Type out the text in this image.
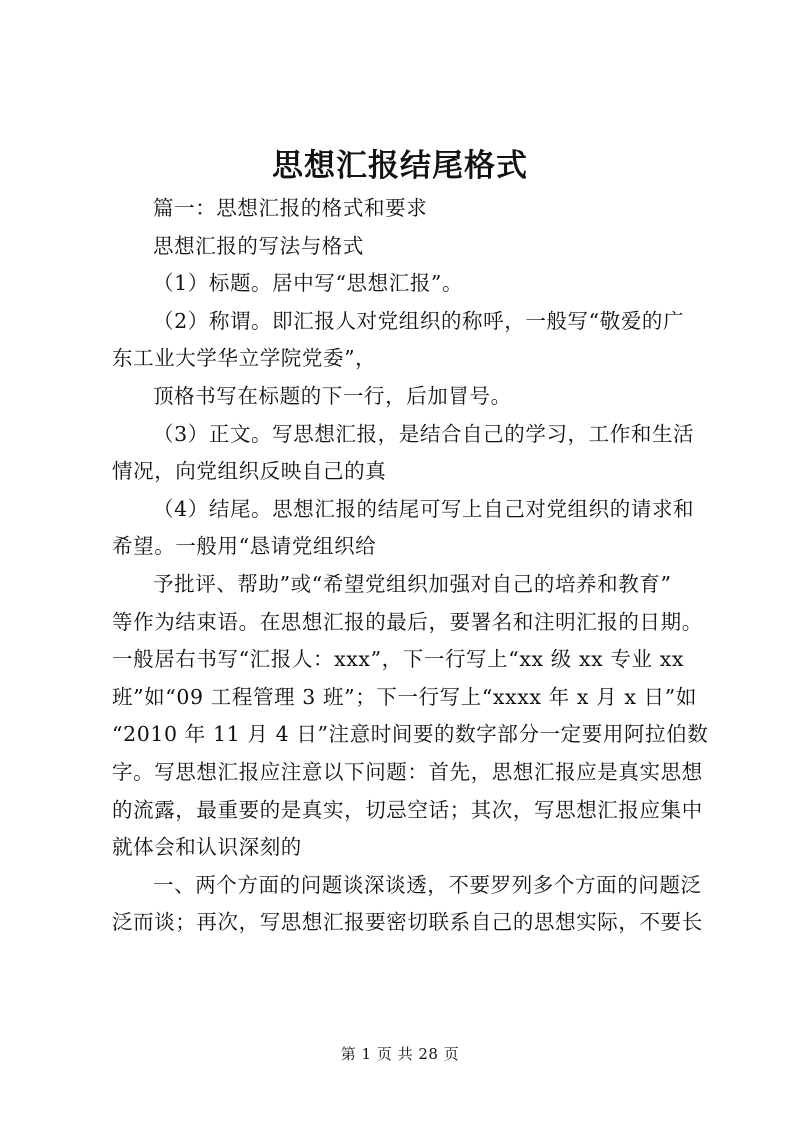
思想汇报结尾格式
篇一：思想汇报的格式和要求
思想汇报的写法与格式
（1）标题。居中写“思想汇报”。
（2）称谓。即汇报人对党组织的称呼，一般写“敬爱的广
东工业大学华立学院党委”，
顶格书写在标题的下一行，后加冒号。
（3）正文。写思想汇报，是结合自己的学习，工作和生活
情况，向党组织反映自己的真
（4）结尾。思想汇报的结尾可写上自己对党组织的请求和
希望。一般用“恳请党组织给
予批评、帮助”或“希望党组织加强对自己的培养和教育”
等作为结束语。在思想汇报的最后，要署名和注明汇报的日期。
一般居右书写“汇报人：xxx”，下一行写上“xx 级 xx 专业 xx
班”如“09 工程管理 3 班”；下一行写上“xxxx 年 x 月 x 日”如
“2010 年 11 月 4 日”注意时间要的数字部分一定要用阿拉伯数
字。写思想汇报应注意以下问题：首先，思想汇报应是真实思想
的流露，最重要的是真实，切忌空话；其次，写思想汇报应集中
就体会和认识深刻的
一、两个方面的问题谈深谈透，不要罗列多个方面的问题泛
泛而谈；再次，写思想汇报要密切联系自己的思想实际，不要长
第 1 页 共 28 页
